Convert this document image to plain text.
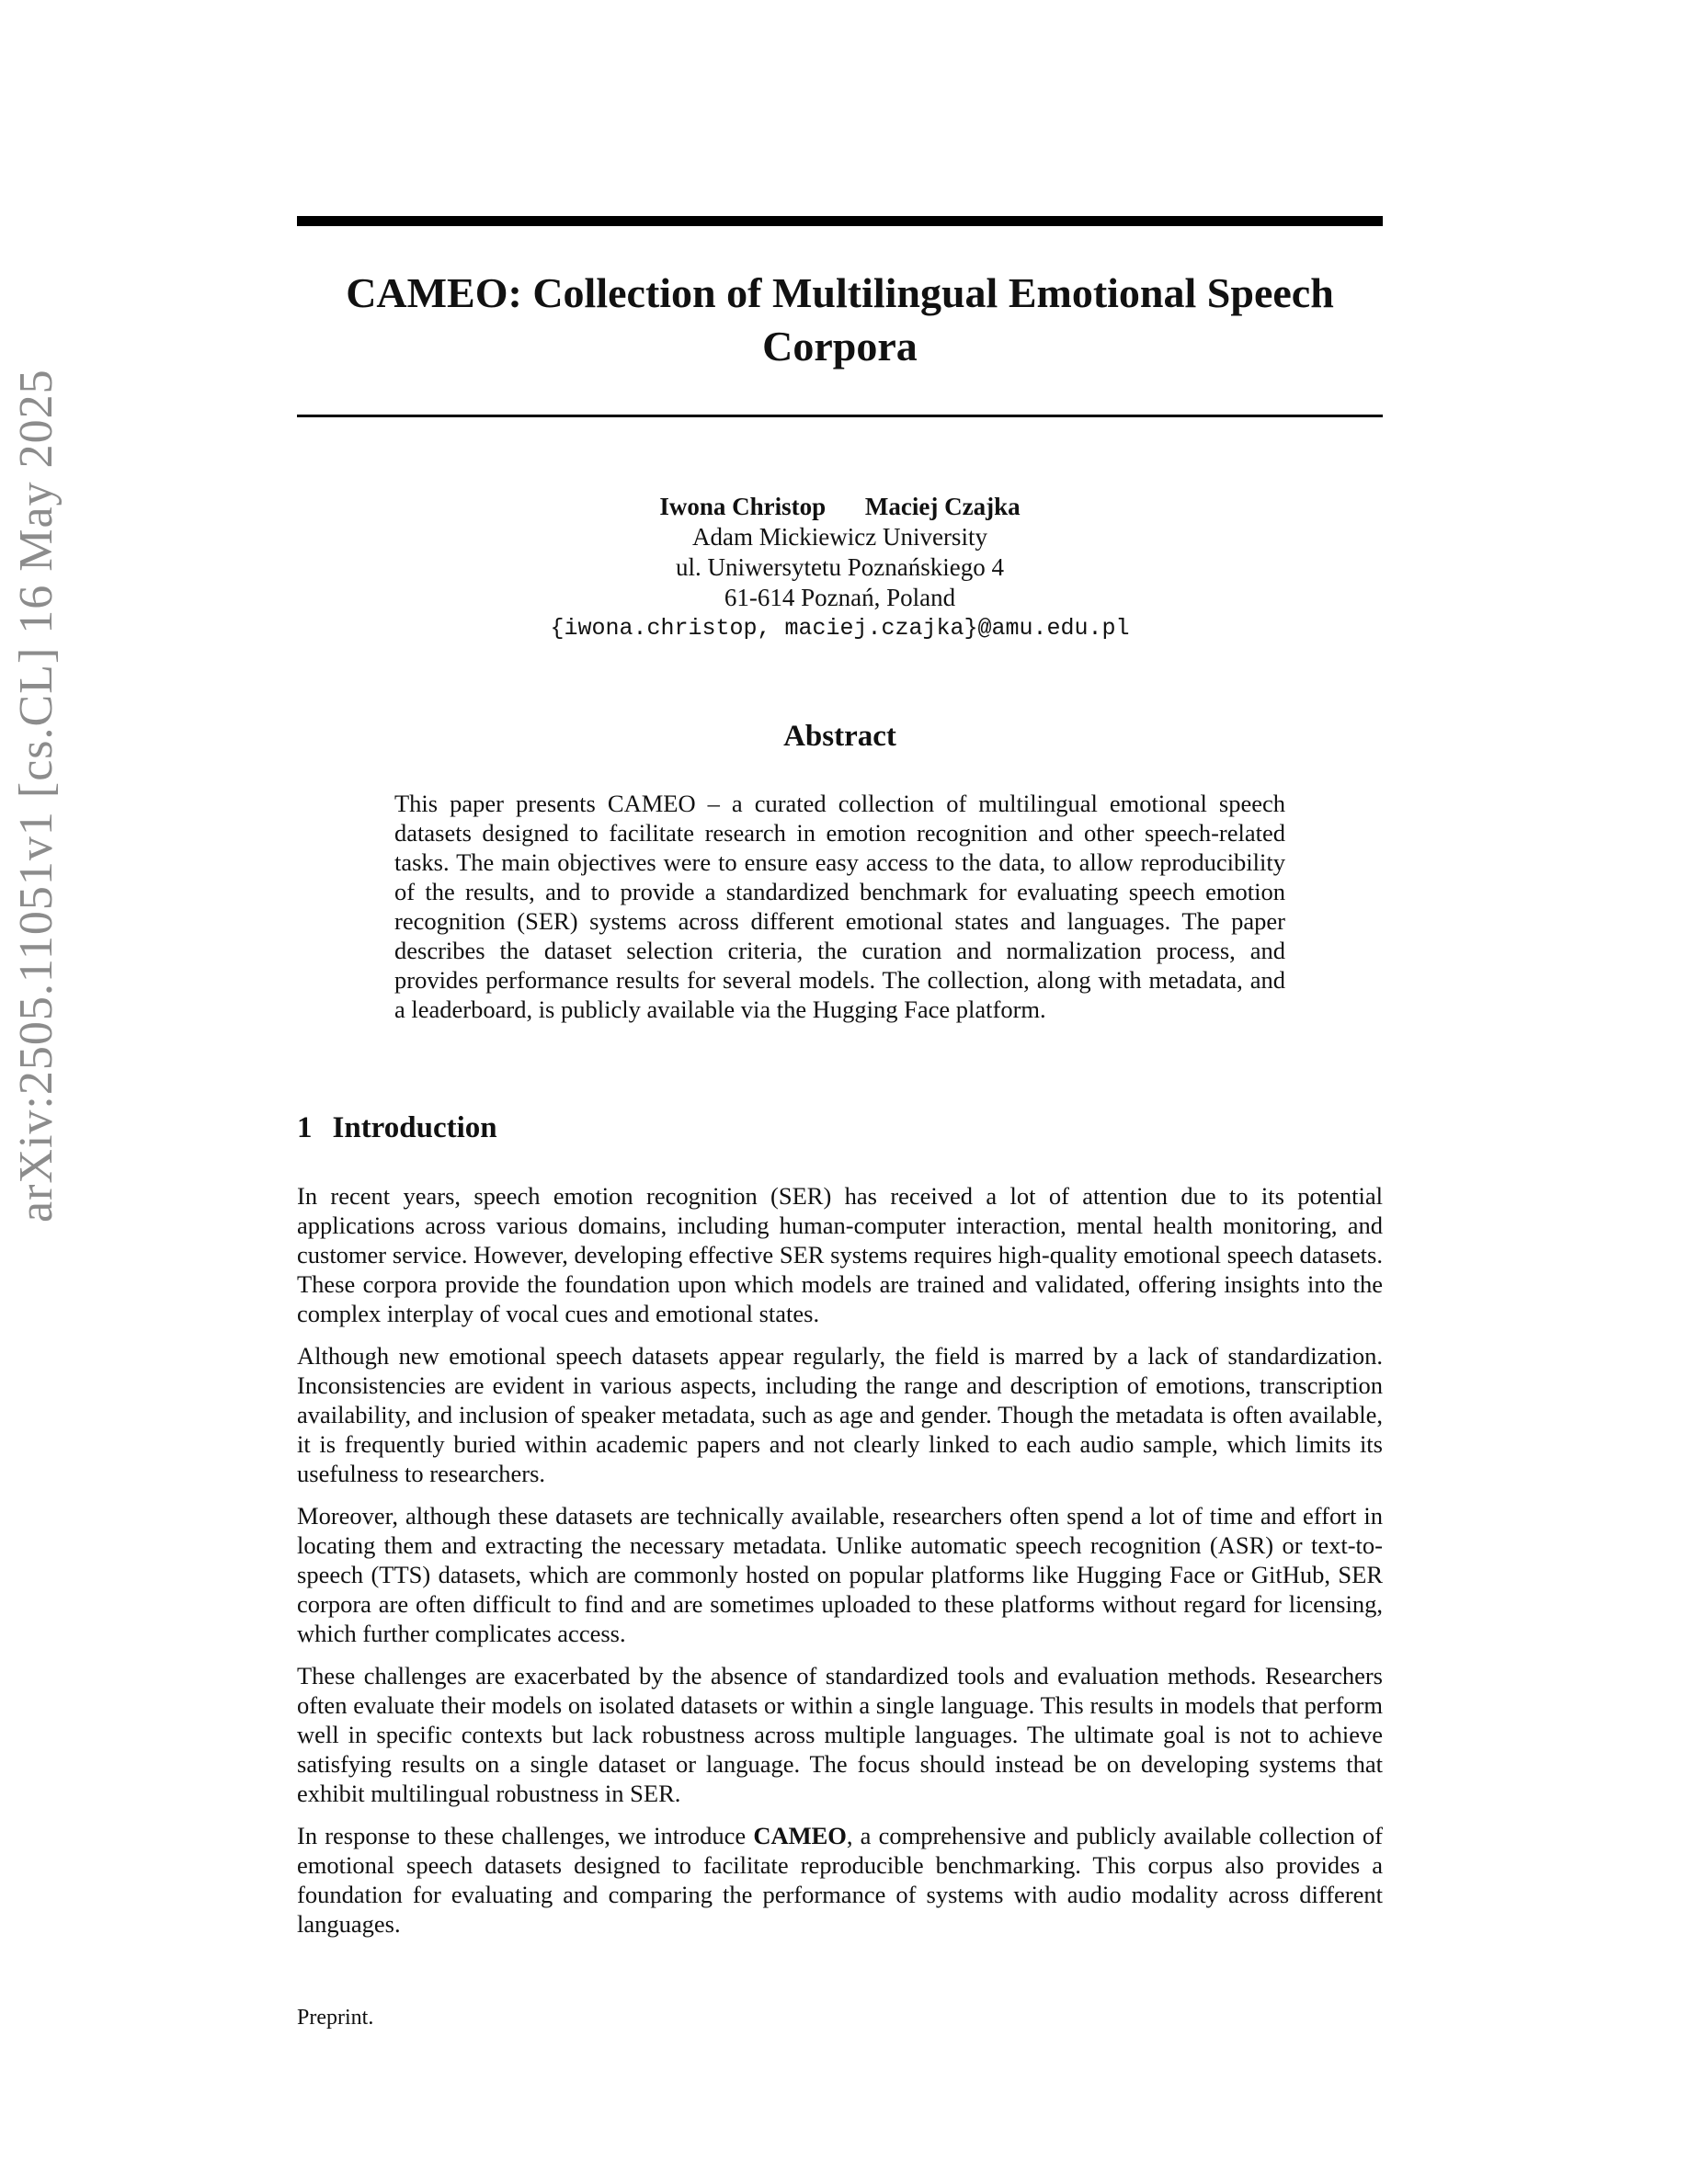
arXiv:2505.11051v1 [cs.CL] 16 May 2025
CAMEO: Collection of Multilingual Emotional Speech Corpora
Iwona Christop Maciej Czajka
Adam Mickiewicz University
ul. Uniwersytetu Poznańskiego 4
61-614 Poznań, Poland
{iwona.christop, maciej.czajka}@amu.edu.pl
Abstract

This paper presents CAMEO – a curated collection of multilingual emotional speech datasets designed to facilitate research in emotion recognition and other speech-related tasks. The main objectives were to ensure easy access to the data, to allow reproducibility of the results, and to provide a standardized benchmark for evaluating speech emotion recognition (SER) systems across different emotional states and languages. The paper describes the dataset selection criteria, the curation and normalization process, and provides performance results for several models. The collection, along with metadata, and a leaderboard, is publicly available via the Hugging Face platform.

1 Introduction

In recent years, speech emotion recognition (SER) has received a lot of attention due to its potential applications across various domains, including human-computer interaction, mental health monitoring, and customer service. However, developing effective SER systems requires high-quality emotional speech datasets. These corpora provide the foundation upon which models are trained and validated, offering insights into the complex interplay of vocal cues and emotional states.

Although new emotional speech datasets appear regularly, the field is marred by a lack of standardization. Inconsistencies are evident in various aspects, including the range and description of emotions, transcription availability, and inclusion of speaker metadata, such as age and gender. Though the metadata is often available, it is frequently buried within academic papers and not clearly linked to each audio sample, which limits its usefulness to researchers.

Moreover, although these datasets are technically available, researchers often spend a lot of time and effort in locating them and extracting the necessary metadata. Unlike automatic speech recognition (ASR) or text-to-speech (TTS) datasets, which are commonly hosted on popular platforms like Hugging Face or GitHub, SER corpora are often difficult to find and are sometimes uploaded to these platforms without regard for licensing, which further complicates access.

These challenges are exacerbated by the absence of standardized tools and evaluation methods. Researchers often evaluate their models on isolated datasets or within a single language. This results in models that perform well in specific contexts but lack robustness across multiple languages. The ultimate goal is not to achieve satisfying results on a single dataset or language. The focus should instead be on developing systems that exhibit multilingual robustness in SER.

In response to these challenges, we introduce CAMEO, a comprehensive and publicly available collection of emotional speech datasets designed to facilitate reproducible benchmarking. This corpus also provides a foundation for evaluating and comparing the performance of systems with audio modality across different languages.

Preprint.
